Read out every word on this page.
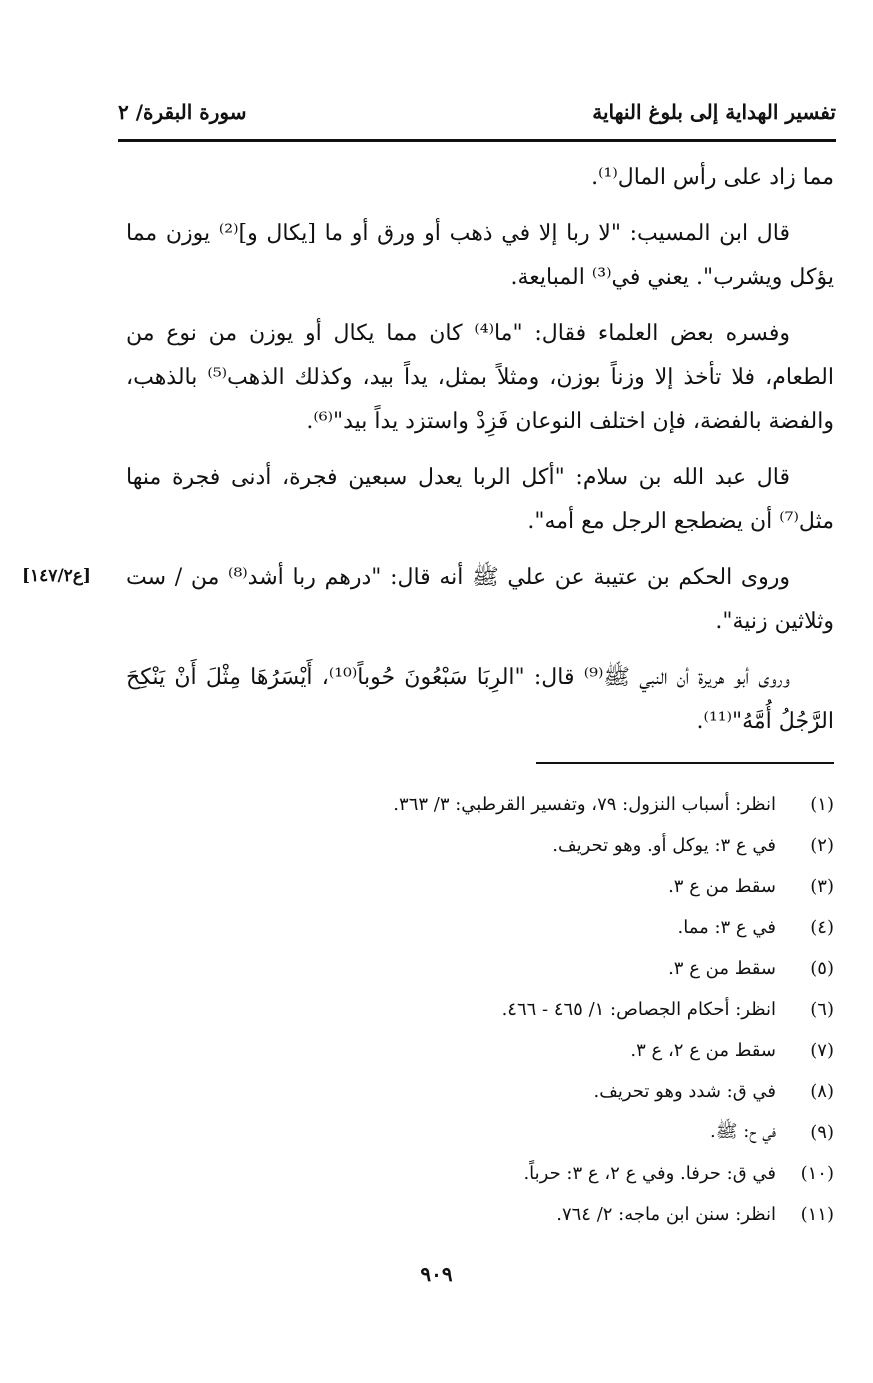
تفسير الهداية إلى بلوغ النهاية
سورة البقرة/ ٢

مما زاد على رأس المال⁽¹⁾.

قال ابن المسيب: "لا ربا إلا في ذهب أو ورق أو ما [يكال و]⁽²⁾ يوزن مما يؤكل ويشرب". يعني في⁽³⁾ المبايعة.

وفسره بعض العلماء فقال: "ما⁽⁴⁾ كان مما يكال أو يوزن من نوع من الطعام، فلا تأخذ إلا وزناً بوزن، ومثلاً بمثل، يداً بيد، وكذلك الذهب⁽⁵⁾ بالذهب، والفضة بالفضة، فإن اختلف النوعان فَزِدْ واستزد يداً بيد"⁽⁶⁾.

قال عبد الله بن سلام: "أكل الربا يعدل سبعين فجرة، أدنى فجرة منها مثل⁽⁷⁾ أن يضطجع الرجل مع أمه".

وروى الحكم بن عتيبة عن علي ﷺ أنه قال: "درهم ربا أشد⁽⁸⁾ من / ست وثلاثين زنية".

وروى أبو هريرة أن النبي ﷺ⁽⁹⁾ قال: "الرِبَا سَبْعُونَ حُوباً⁽¹⁰⁾، أَيْسَرُهَا مِثْلَ أَنْ يَنْكِحَ الرَّجُلُ أُمَّهُ"⁽¹¹⁾.

[ع١٤٧/٢]
(١)
انظر: أسباب النزول: ٧٩، وتفسير القرطبي: ٣/ ٣٦٣.
(٢)
في ع ٣: يوكل أو. وهو تحريف.
(٣)
سقط من ع ٣.
(٤)
في ع ٣: مما.
(٥)
سقط من ع ٣.
(٦)
انظر: أحكام الجصاص: ١/ ٤٦٥ - ٤٦٦.
(٧)
سقط من ع ٢، ع ٣.
(٨)
في ق: شدد وهو تحريف.
(٩)
في ح: ﷺ.
(١٠)
في ق: حرفا. وفي ع ٢، ع ٣: حرباً.
(١١)
انظر: سنن ابن ماجه: ٢/ ٧٦٤.
٩٠٩
